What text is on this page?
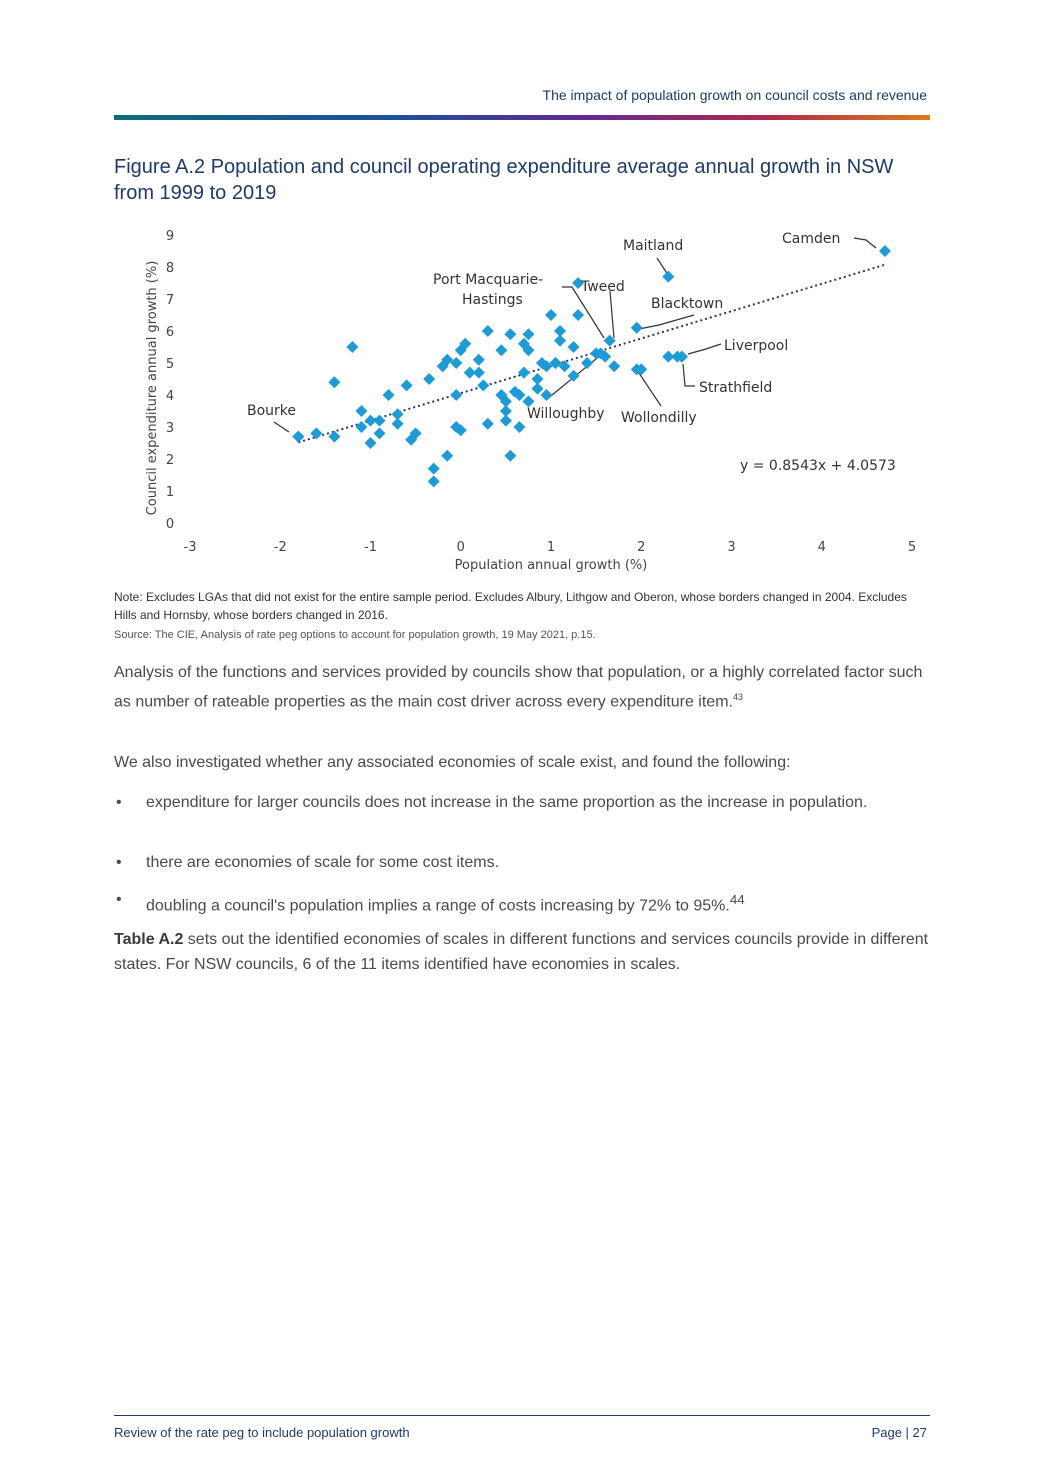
The impact of population growth on council costs and revenue
Figure A.2 Population and council operating expenditure average annual growth in NSW from 1999 to 2019
Council expenditure annual growth (%)
Population annual growth (%)
0
1
2
3
4
5
6
7
8
9
-3	-2	-1	0	1	2	3	4	5
Bourke
Maitland	Camden
Port Macquarie-
Hastings
Tweed
Blacktown
Liverpool
Strathfield
Willoughby Wollondilly
y = 0.8543x + 4.0573
Note: Excludes LGAs that did not exist for the entire sample period. Excludes Albury, Lithgow and Oberon, whose borders changed in 2004. Excludes Hills and Hornsby, whose borders changed in 2016.
Source: The CIE, Analysis of rate peg options to account for population growth, 19 May 2021, p.15.
Analysis of the functions and services provided by councils show that population, or a highly correlated factor such as number of rateable properties as the main cost driver across every expenditure item.$^{43}$
We also investigated whether any associated economies of scale exist, and found the following:
• expenditure for larger councils does not increase in the same proportion as the increase in population.
• there are economies of scale for some cost items.
• doubling a council's population implies a range of costs increasing by 72% to 95%.$^{44}$
Table A.2 sets out the identified economies of scales in different functions and services councils provide in different states. For NSW councils, 6 of the 11 items identified have economies in scales.
Review of the rate peg to include population growth	Page | 27
